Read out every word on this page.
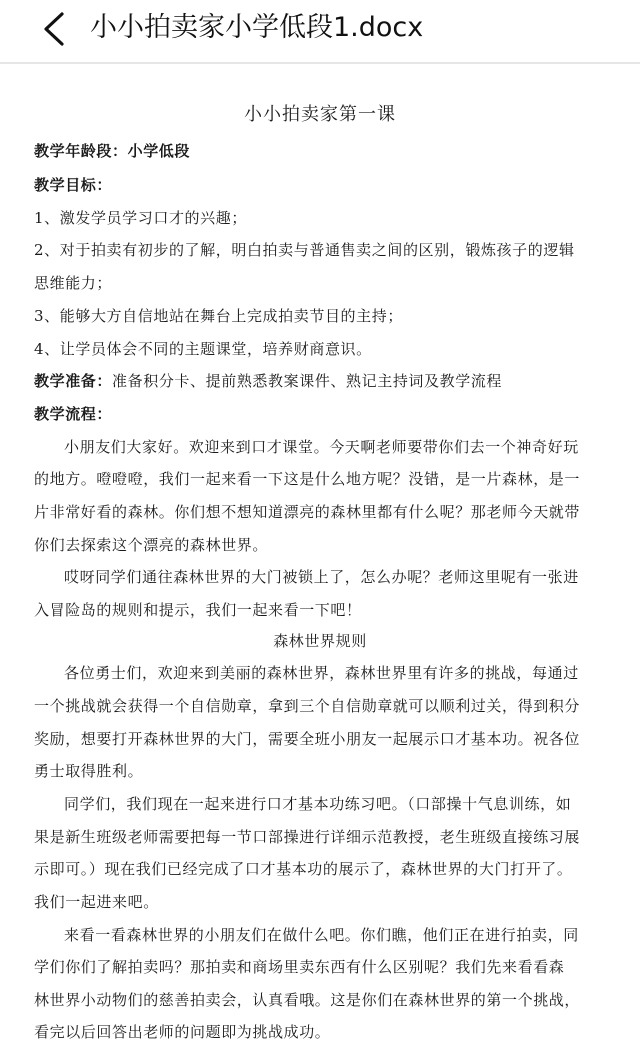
小小拍卖家小学低段1.docx
小小拍卖家第一课
教学年龄段：小学低段
教学目标：
1、激发学员学习口才的兴趣；
2、对于拍卖有初步的了解，明白拍卖与普通售卖之间的区别，锻炼孩子的逻辑
思维能力；
3、能够大方自信地站在舞台上完成拍卖节目的主持；
4、让学员体会不同的主题课堂，培养财商意识。
教学准备：准备积分卡、提前熟悉教案课件、熟记主持词及教学流程
教学流程：
小朋友们大家好。欢迎来到口才课堂。今天啊老师要带你们去一个神奇好玩
的地方。噔噔噔，我们一起来看一下这是什么地方呢？没错，是一片森林，是一
片非常好看的森林。你们想不想知道漂亮的森林里都有什么呢？那老师今天就带
你们去探索这个漂亮的森林世界。
哎呀同学们通往森林世界的大门被锁上了，怎么办呢？老师这里呢有一张进
入冒险岛的规则和提示，我们一起来看一下吧！
森林世界规则
各位勇士们，欢迎来到美丽的森林世界，森林世界里有许多的挑战，每通过
一个挑战就会获得一个自信勋章，拿到三个自信勋章就可以顺利过关，得到积分
奖励，想要打开森林世界的大门，需要全班小朋友一起展示口才基本功。祝各位
勇士取得胜利。
同学们，我们现在一起来进行口才基本功练习吧。（口部操十气息训练，如
果是新生班级老师需要把每一节口部操进行详细示范教授，老生班级直接练习展
示即可。）现在我们已经完成了口才基本功的展示了，森林世界的大门打开了。
我们一起进来吧。
来看一看森林世界的小朋友们在做什么吧。你们瞧，他们正在进行拍卖，同
学们你们了解拍卖吗？那拍卖和商场里卖东西有什么区别呢？我们先来看看森
林世界小动物们的慈善拍卖会，认真看哦。这是你们在森林世界的第一个挑战，
看完以后回答出老师的问题即为挑战成功。
